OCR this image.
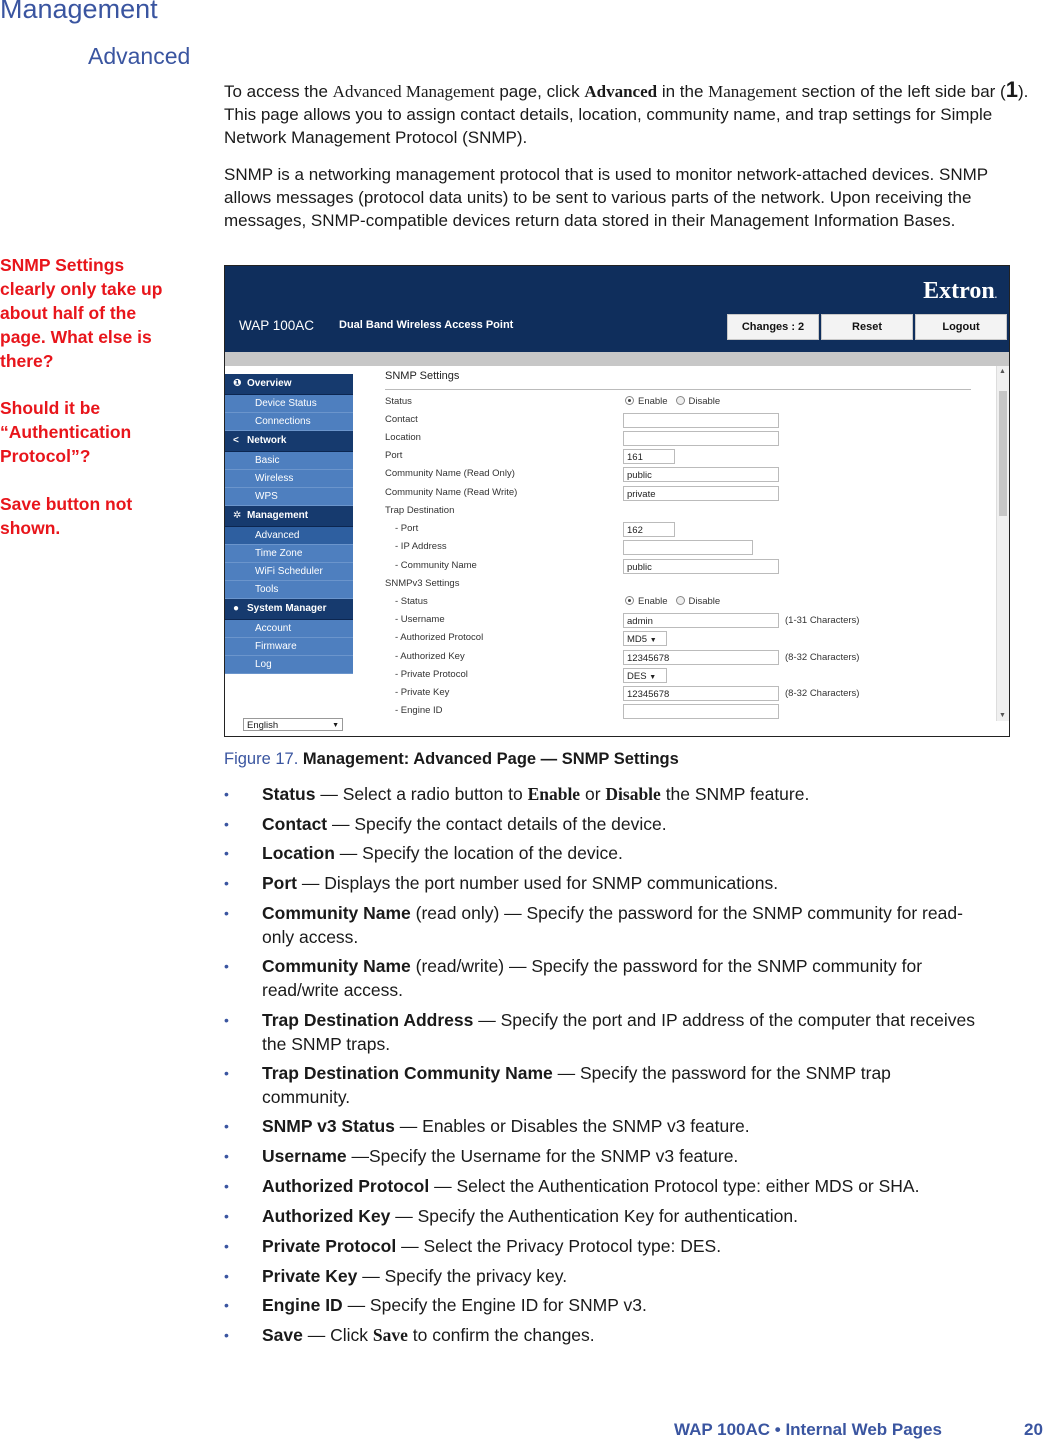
Management
Advanced
To access the Advanced Management page, click Advanced in the Management section of the left side bar (1). This page allows you to assign contact details, location, community name, and trap settings for Simple Network Management Protocol (SNMP).
SNMP is a networking management protocol that is used to monitor network-attached devices. SNMP allows messages (protocol data units) to be sent to various parts of the network. Upon receiving the messages, SNMP-compatible devices return data stored in their Management Information Bases.
SNMP Settings clearly only take up about half of the page. What else is there?
Should it be “Authentication Protocol”?
Save button not shown.
Extron.
WAP 100AC Dual Band Wireless Access Point	Changes : 2	Reset	Logout
❶ Overview
Device Status
Connections
< Network
Basic
Wireless
WPS
✲ Management
Advanced
Time Zone
WiFi Scheduler
Tools
● System Manager
Account
Firmware
Log
English	▼
SNMP Settings
Status	Enable Disable
Contact
Location
Port	161
Community Name (Read Only)	public
Community Name (Read Write)	private
Trap Destination
- Port	162
- IP Address
- Community Name	public
SNMPv3 Settings
- Status	Enable Disable
- Username	admin	(1-31 Characters)
- Authorized Protocol	MD5 ▼
- Authorized Key	12345678	(8-32 Characters)
- Private Protocol	DES ▼
- Private Key	12345678	(8-32 Characters)
- Engine ID
▲
▼
Figure 17. Management: Advanced Page — SNMP Settings
• Status — Select a radio button to Enable or Disable the SNMP feature.
• Contact — Specify the contact details of the device.
• Location — Specify the location of the device.
• Port — Displays the port number used for SNMP communications.
• Community Name (read only) — Specify the password for the SNMP community for read-only access.
• Community Name (read/write) — Specify the password for the SNMP community for read/write access.
• Trap Destination Address — Specify the port and IP address of the computer that receives the SNMP traps.
• Trap Destination Community Name — Specify the password for the SNMP trap community.
• SNMP v3 Status — Enables or Disables the SNMP v3 feature.
• Username —Specify the Username for the SNMP v3 feature.
• Authorized Protocol — Select the Authentication Protocol type: either MDS or SHA.
• Authorized Key — Specify the Authentication Key for authentication.
• Private Protocol — Select the Privacy Protocol type: DES.
• Private Key — Specify the privacy key.
• Engine ID — Specify the Engine ID for SNMP v3.
• Save — Click Save to confirm the changes.
WAP 100AC • Internal Web Pages	20
